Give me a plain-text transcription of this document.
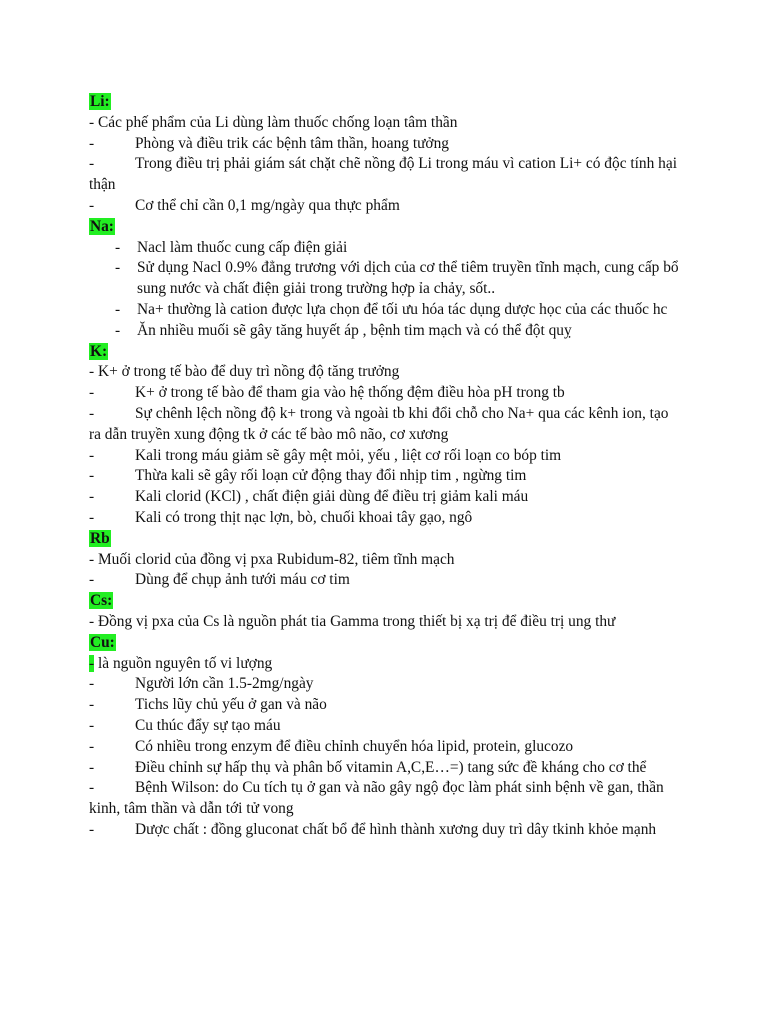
Li:
- Các phế phẩm của Li dùng làm thuốc chống loạn tâm thần
-	Phòng và điều trik các bệnh tâm thần, hoang tưởng
-	Trong điều trị phải giám sát chặt chẽ nồng độ Li trong máu vì cation Li+ có độc tính hại thận
-	Cơ thể chỉ cần 0,1 mg/ngày qua thực phẩm
Na:
- Nacl làm thuốc cung cấp điện giải
- Sử dụng Nacl 0.9% đẳng trương với dịch của cơ thể tiêm truyền tĩnh mạch, cung cấp bổ sung nước và chất điện giải trong trường hợp ỉa chảy, sốt..
- Na+ thường là cation được lựa chọn để tối ưu hóa tác dụng dược học của các thuốc hc
- Ăn nhiều muối sẽ gây tăng huyết áp , bệnh tim mạch và có thể đột quỵ
K:
- K+ ở trong tế bào để duy trì nồng độ tăng trưởng
-	K+ ở trong tế bào để tham gia vào hệ thống đệm điều hòa pH trong tb
-	Sự chênh lệch nồng độ k+ trong và ngoài tb khi đổi chỗ cho Na+ qua các kênh ion, tạo ra dẫn truyền xung động tk ở các tế bào mô não, cơ xương
-	Kali trong máu giảm sẽ gây mệt mỏi, yếu , liệt cơ rối loạn co bóp tim
-	Thừa kali sẽ gây rối loạn cử động thay đổi nhịp tim , ngừng tim
-	Kali clorid (KCl) , chất điện giải dùng để điều trị giảm kali máu
-	Kali có trong thịt nạc lợn, bò, chuối khoai tây gạo, ngô
Rb
- Muối clorid của đồng vị pxa Rubidum-82, tiêm tĩnh mạch
-	Dùng để chụp ảnh tưới máu cơ tim
Cs:
- Đồng vị pxa của Cs là nguồn phát tia Gamma trong thiết bị xạ trị để điều trị ung thư
Cu:
- là nguồn nguyên tố vi lượng
-	Người lớn cần 1.5-2mg/ngày
-	Tichs lũy chủ yếu ở gan và não
-	Cu thúc đẩy sự tạo máu
-	Có nhiều trong enzym để điều chỉnh chuyển hóa lipid, protein, glucozo
-	Điều chỉnh sự hấp thụ và phân bố vitamin A,C,E…=) tang sức đề kháng cho cơ thể
-	Bệnh Wilson: do Cu tích tụ ở gan và não gây ngộ đọc làm phát sinh bệnh về gan, thần kinh, tâm thần và dẫn tới tử vong
-	Dược chất : đồng gluconat chất bổ để hình thành xương duy trì dây tkinh khỏe mạnh
